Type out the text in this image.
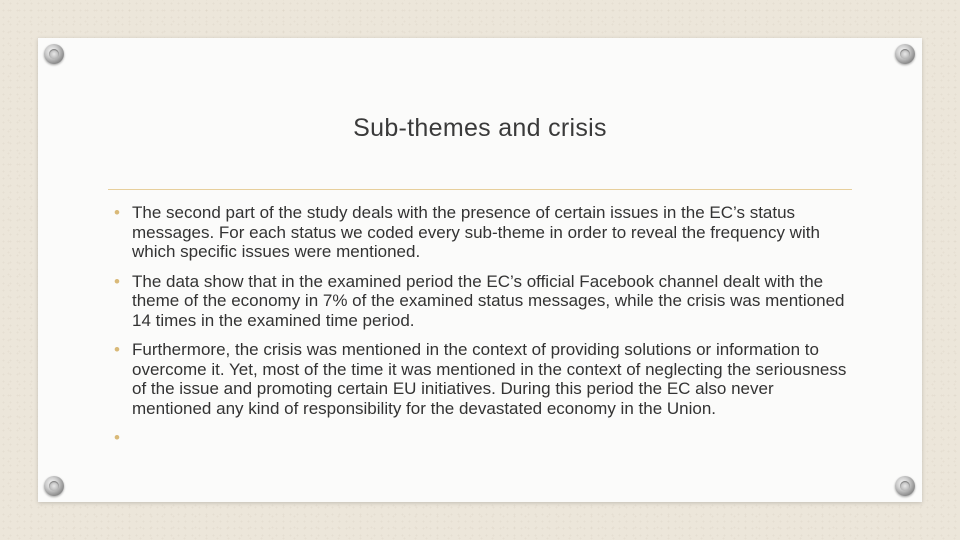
Sub-themes and crisis
• The second part of the study deals with the presence of certain issues in the EC’s status messages. For each status we coded every sub-theme in order to reveal the frequency with which specific issues were mentioned.
• The data show that in the examined period the EC’s official Facebook channel dealt with the theme of the economy in 7% of the examined status messages, while the crisis was mentioned 14 times in the examined time period.
• Furthermore, the crisis was mentioned in the context of providing solutions or information to overcome it. Yet, most of the time it was mentioned in the context of neglecting the seriousness of the issue and promoting certain EU initiatives. During this period the EC also never mentioned any kind of responsibility for the devastated economy in the Union.
•
